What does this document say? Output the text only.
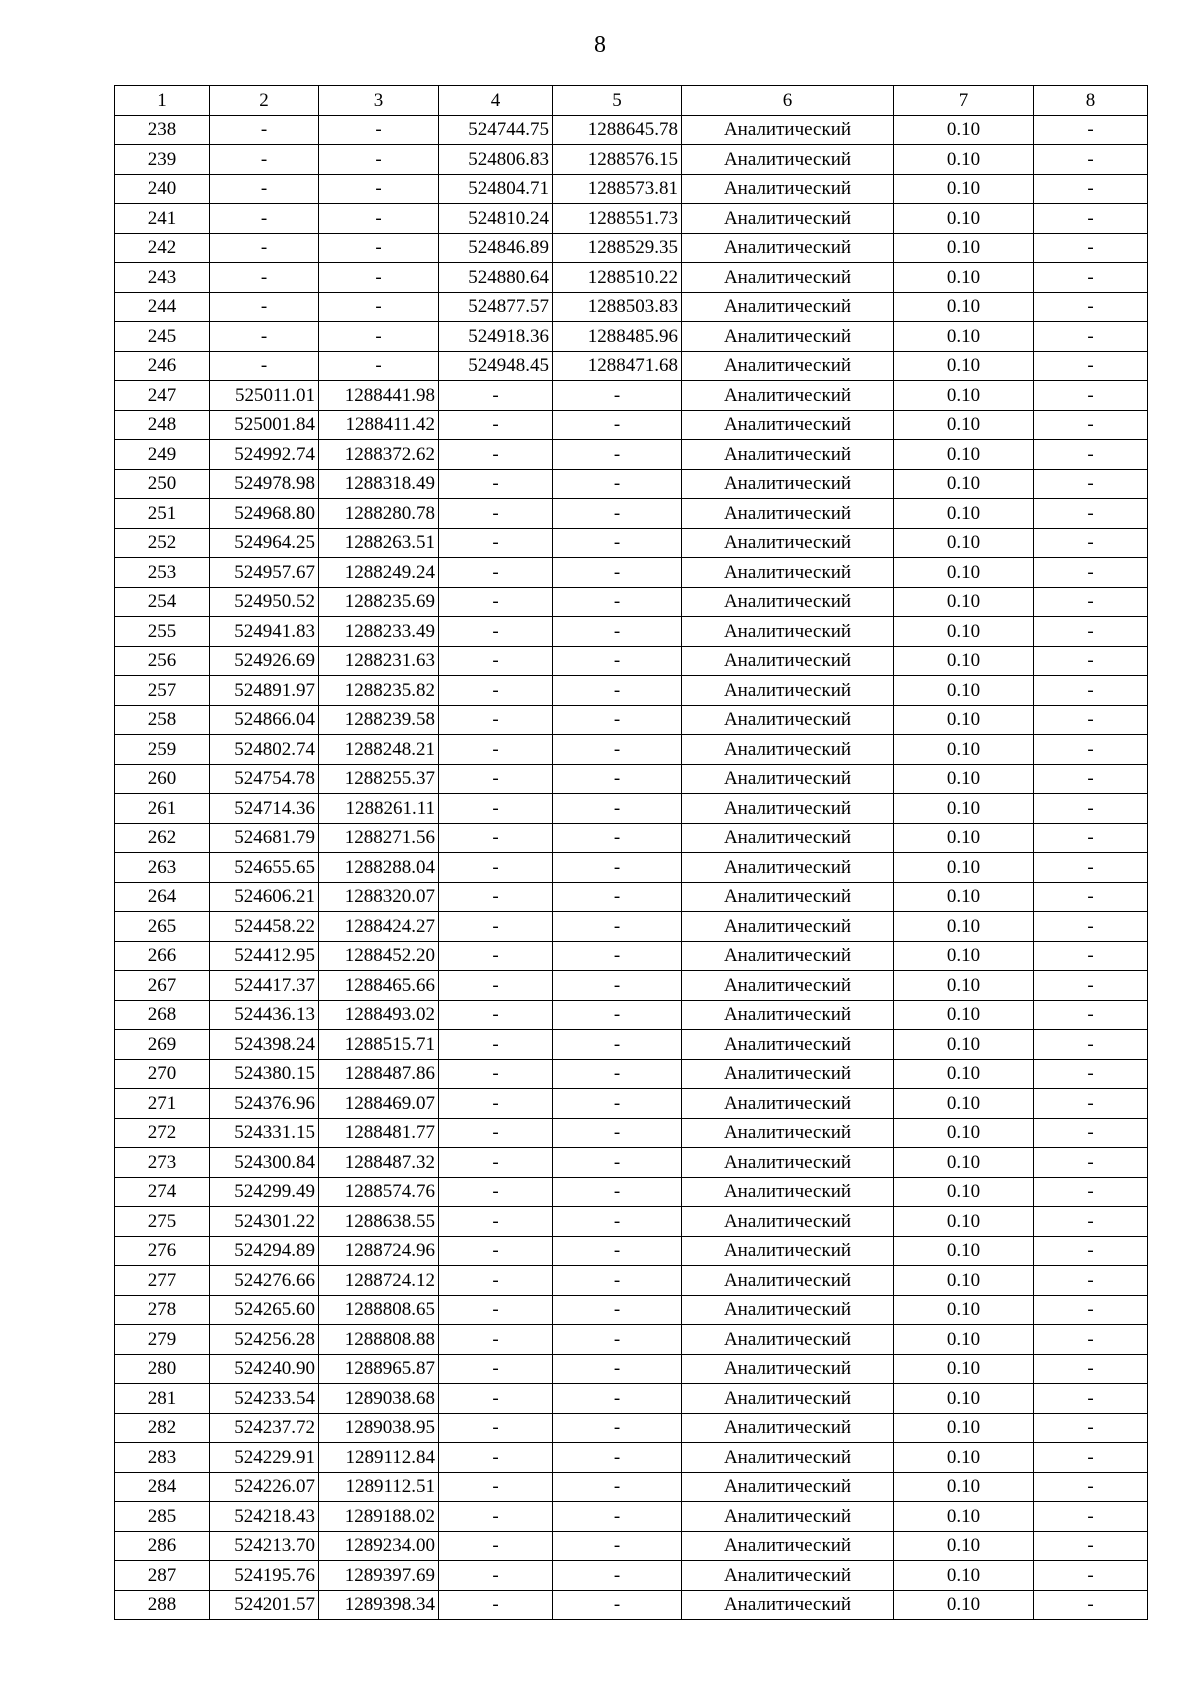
8
1	2	3	4	5	6	7	8
238	-	-	524744.75	1288645.78	Аналитический	0.10	-
239	-	-	524806.83	1288576.15	Аналитический	0.10	-
240	-	-	524804.71	1288573.81	Аналитический	0.10	-
241	-	-	524810.24	1288551.73	Аналитический	0.10	-
242	-	-	524846.89	1288529.35	Аналитический	0.10	-
243	-	-	524880.64	1288510.22	Аналитический	0.10	-
244	-	-	524877.57	1288503.83	Аналитический	0.10	-
245	-	-	524918.36	1288485.96	Аналитический	0.10	-
246	-	-	524948.45	1288471.68	Аналитический	0.10	-
247	525011.01	1288441.98	-	-	Аналитический	0.10	-
248	525001.84	1288411.42	-	-	Аналитический	0.10	-
249	524992.74	1288372.62	-	-	Аналитический	0.10	-
250	524978.98	1288318.49	-	-	Аналитический	0.10	-
251	524968.80	1288280.78	-	-	Аналитический	0.10	-
252	524964.25	1288263.51	-	-	Аналитический	0.10	-
253	524957.67	1288249.24	-	-	Аналитический	0.10	-
254	524950.52	1288235.69	-	-	Аналитический	0.10	-
255	524941.83	1288233.49	-	-	Аналитический	0.10	-
256	524926.69	1288231.63	-	-	Аналитический	0.10	-
257	524891.97	1288235.82	-	-	Аналитический	0.10	-
258	524866.04	1288239.58	-	-	Аналитический	0.10	-
259	524802.74	1288248.21	-	-	Аналитический	0.10	-
260	524754.78	1288255.37	-	-	Аналитический	0.10	-
261	524714.36	1288261.11	-	-	Аналитический	0.10	-
262	524681.79	1288271.56	-	-	Аналитический	0.10	-
263	524655.65	1288288.04	-	-	Аналитический	0.10	-
264	524606.21	1288320.07	-	-	Аналитический	0.10	-
265	524458.22	1288424.27	-	-	Аналитический	0.10	-
266	524412.95	1288452.20	-	-	Аналитический	0.10	-
267	524417.37	1288465.66	-	-	Аналитический	0.10	-
268	524436.13	1288493.02	-	-	Аналитический	0.10	-
269	524398.24	1288515.71	-	-	Аналитический	0.10	-
270	524380.15	1288487.86	-	-	Аналитический	0.10	-
271	524376.96	1288469.07	-	-	Аналитический	0.10	-
272	524331.15	1288481.77	-	-	Аналитический	0.10	-
273	524300.84	1288487.32	-	-	Аналитический	0.10	-
274	524299.49	1288574.76	-	-	Аналитический	0.10	-
275	524301.22	1288638.55	-	-	Аналитический	0.10	-
276	524294.89	1288724.96	-	-	Аналитический	0.10	-
277	524276.66	1288724.12	-	-	Аналитический	0.10	-
278	524265.60	1288808.65	-	-	Аналитический	0.10	-
279	524256.28	1288808.88	-	-	Аналитический	0.10	-
280	524240.90	1288965.87	-	-	Аналитический	0.10	-
281	524233.54	1289038.68	-	-	Аналитический	0.10	-
282	524237.72	1289038.95	-	-	Аналитический	0.10	-
283	524229.91	1289112.84	-	-	Аналитический	0.10	-
284	524226.07	1289112.51	-	-	Аналитический	0.10	-
285	524218.43	1289188.02	-	-	Аналитический	0.10	-
286	524213.70	1289234.00	-	-	Аналитический	0.10	-
287	524195.76	1289397.69	-	-	Аналитический	0.10	-
288	524201.57	1289398.34	-	-	Аналитический	0.10	-
